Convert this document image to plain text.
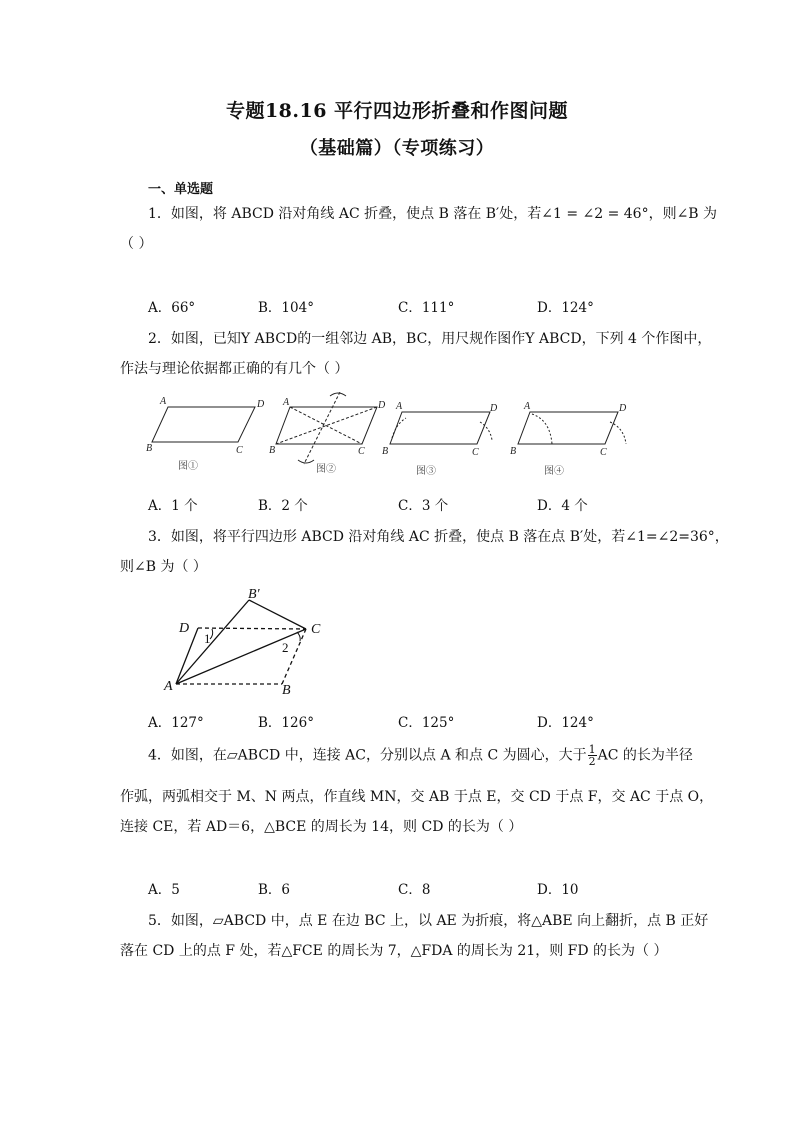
专题18.16 平行四边形折叠和作图问题
（基础篇）（专项练习）
一、单选题
1．如图，将 ABCD 沿对角线 AC 折叠，使点 B 落在 B′处，若∠1 = ∠2 = 46°，则∠B 为
（ ）
A．66°	B．104°	C．111°	D．124°
2．如图，已知Y ABCD的一组邻边 AB，BC，用尺规作图作Y ABCD，下列 4 个作图中，
作法与理论依据都正确的有几个（ ）
A	D
B	C
图①
A	D
B	C
图②
A	D
B	C
图③
A	D
B	C
图④
A．1 个	B．2 个	C．3 个	D．4 个
3．如图，将平行四边形 ABCD 沿对角线 AC 折叠，使点 B 落在点 B′处，若∠1=∠2=36°，
则∠B 为（ ）
A	B
C
D
B′
1
2
A．127°	B．126°	C．125°	D．124°
4．如图，在▱ABCD 中，连接 AC，分别以点 A 和点 C 为圆心，大于 $\frac{1}{2}$ AC 的长为半径
作弧，两弧相交于 M、N 两点，作直线 MN，交 AB 于点 E，交 CD 于点 F，交 AC 于点 O，
连接 CE，若 AD＝6，△BCE 的周长为 14，则 CD 的长为（ ）
A．5	B．6	C．8	D．10
5．如图，▱ABCD 中，点 E 在边 BC 上，以 AE 为折痕，将△ABE 向上翻折，点 B 正好
落在 CD 上的点 F 处，若△FCE 的周长为 7，△FDA 的周长为 21，则 FD 的长为（ ）
